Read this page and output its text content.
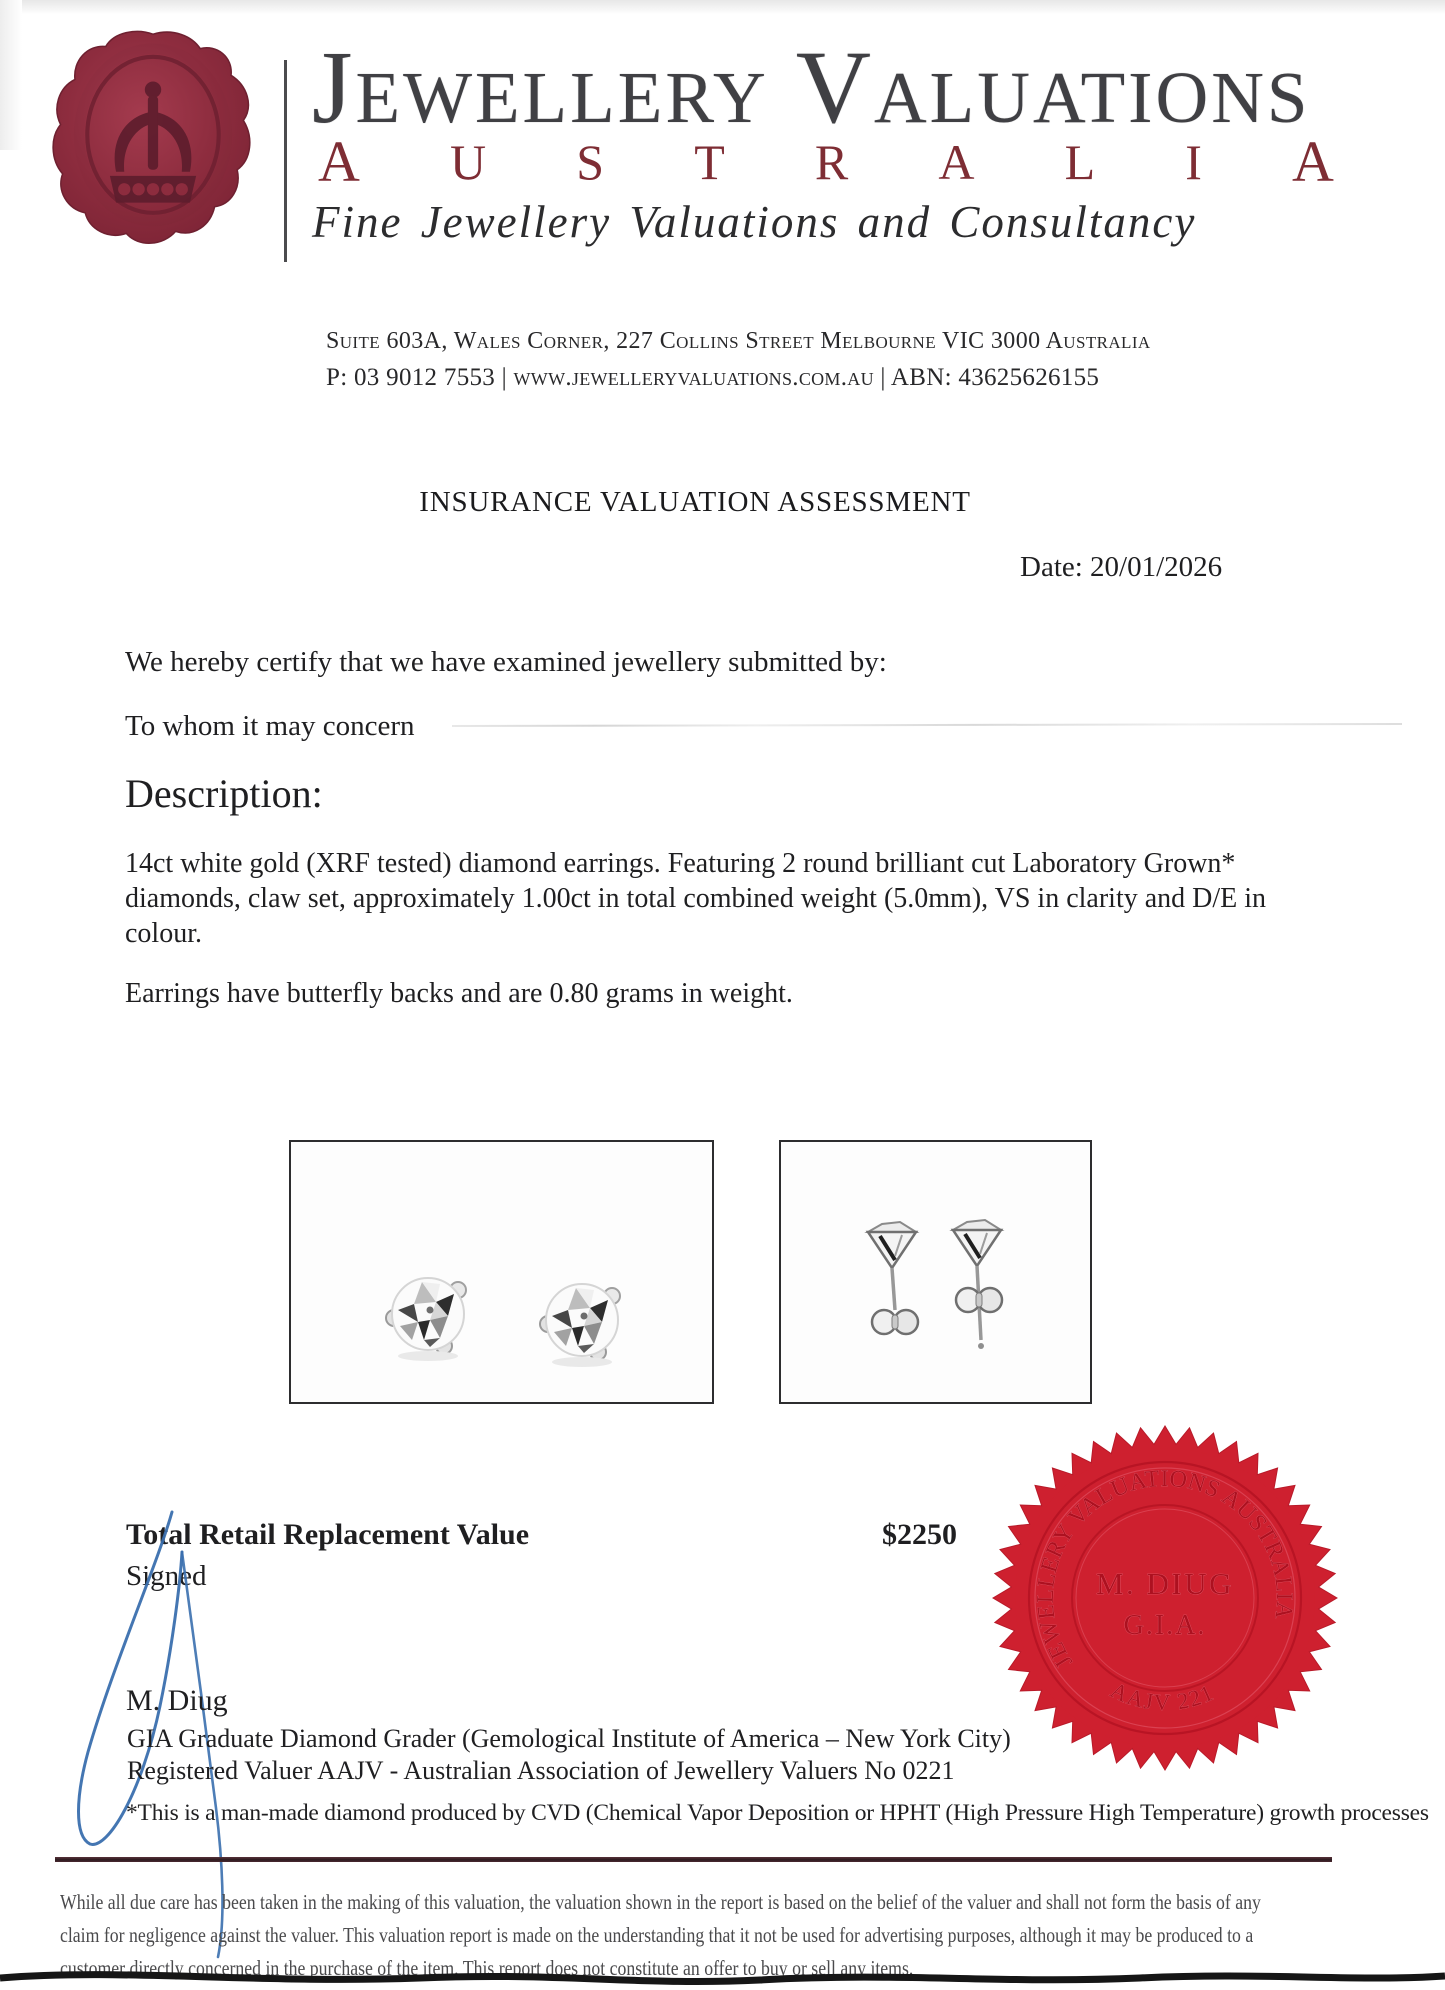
Jewellery Valuations
A U S T R A L I A
Fine Jewellery Valuations and Consultancy
Suite 603A, Wales Corner, 227 Collins Street Melbourne VIC 3000 Australia
P: 03 9012 7553 | www.jewelleryvaluations.com.au | ABN: 43625626155
INSURANCE VALUATION ASSESSMENT
Date: 20/01/2026
We hereby certify that we have examined jewellery submitted by:
To whom it may concern
Description:
14ct white gold (XRF tested) diamond earrings. Featuring 2 round brilliant cut Laboratory Grown* diamonds, claw set, approximately 1.00ct in total combined weight (5.0mm), VS in clarity and D/E in colour.
Earrings have butterfly backs and are 0.80 grams in weight.
Total Retail Replacement Value	$2250
Signed
JEWELLERY VALUATIONS AUSTRALIA
AAJV 221
M. DIUG
G.I.A.
M. Diug
GIA Graduate Diamond Grader (Gemological Institute of America – New York City)
Registered Valuer AAJV - Australian Association of Jewellery Valuers No 0221
*This is a man-made diamond produced by CVD (Chemical Vapor Deposition or HPHT (High Pressure High Temperature) growth processes
While all due care has been taken in the making of this valuation, the valuation shown in the report is based on the belief of the valuer and shall not form the basis of any
claim for negligence against the valuer. This valuation report is made on the understanding that it not be used for advertising purposes, although it may be produced to a
customer directly concerned in the purchase of the item. This report does not constitute an offer to buy or sell any items.
